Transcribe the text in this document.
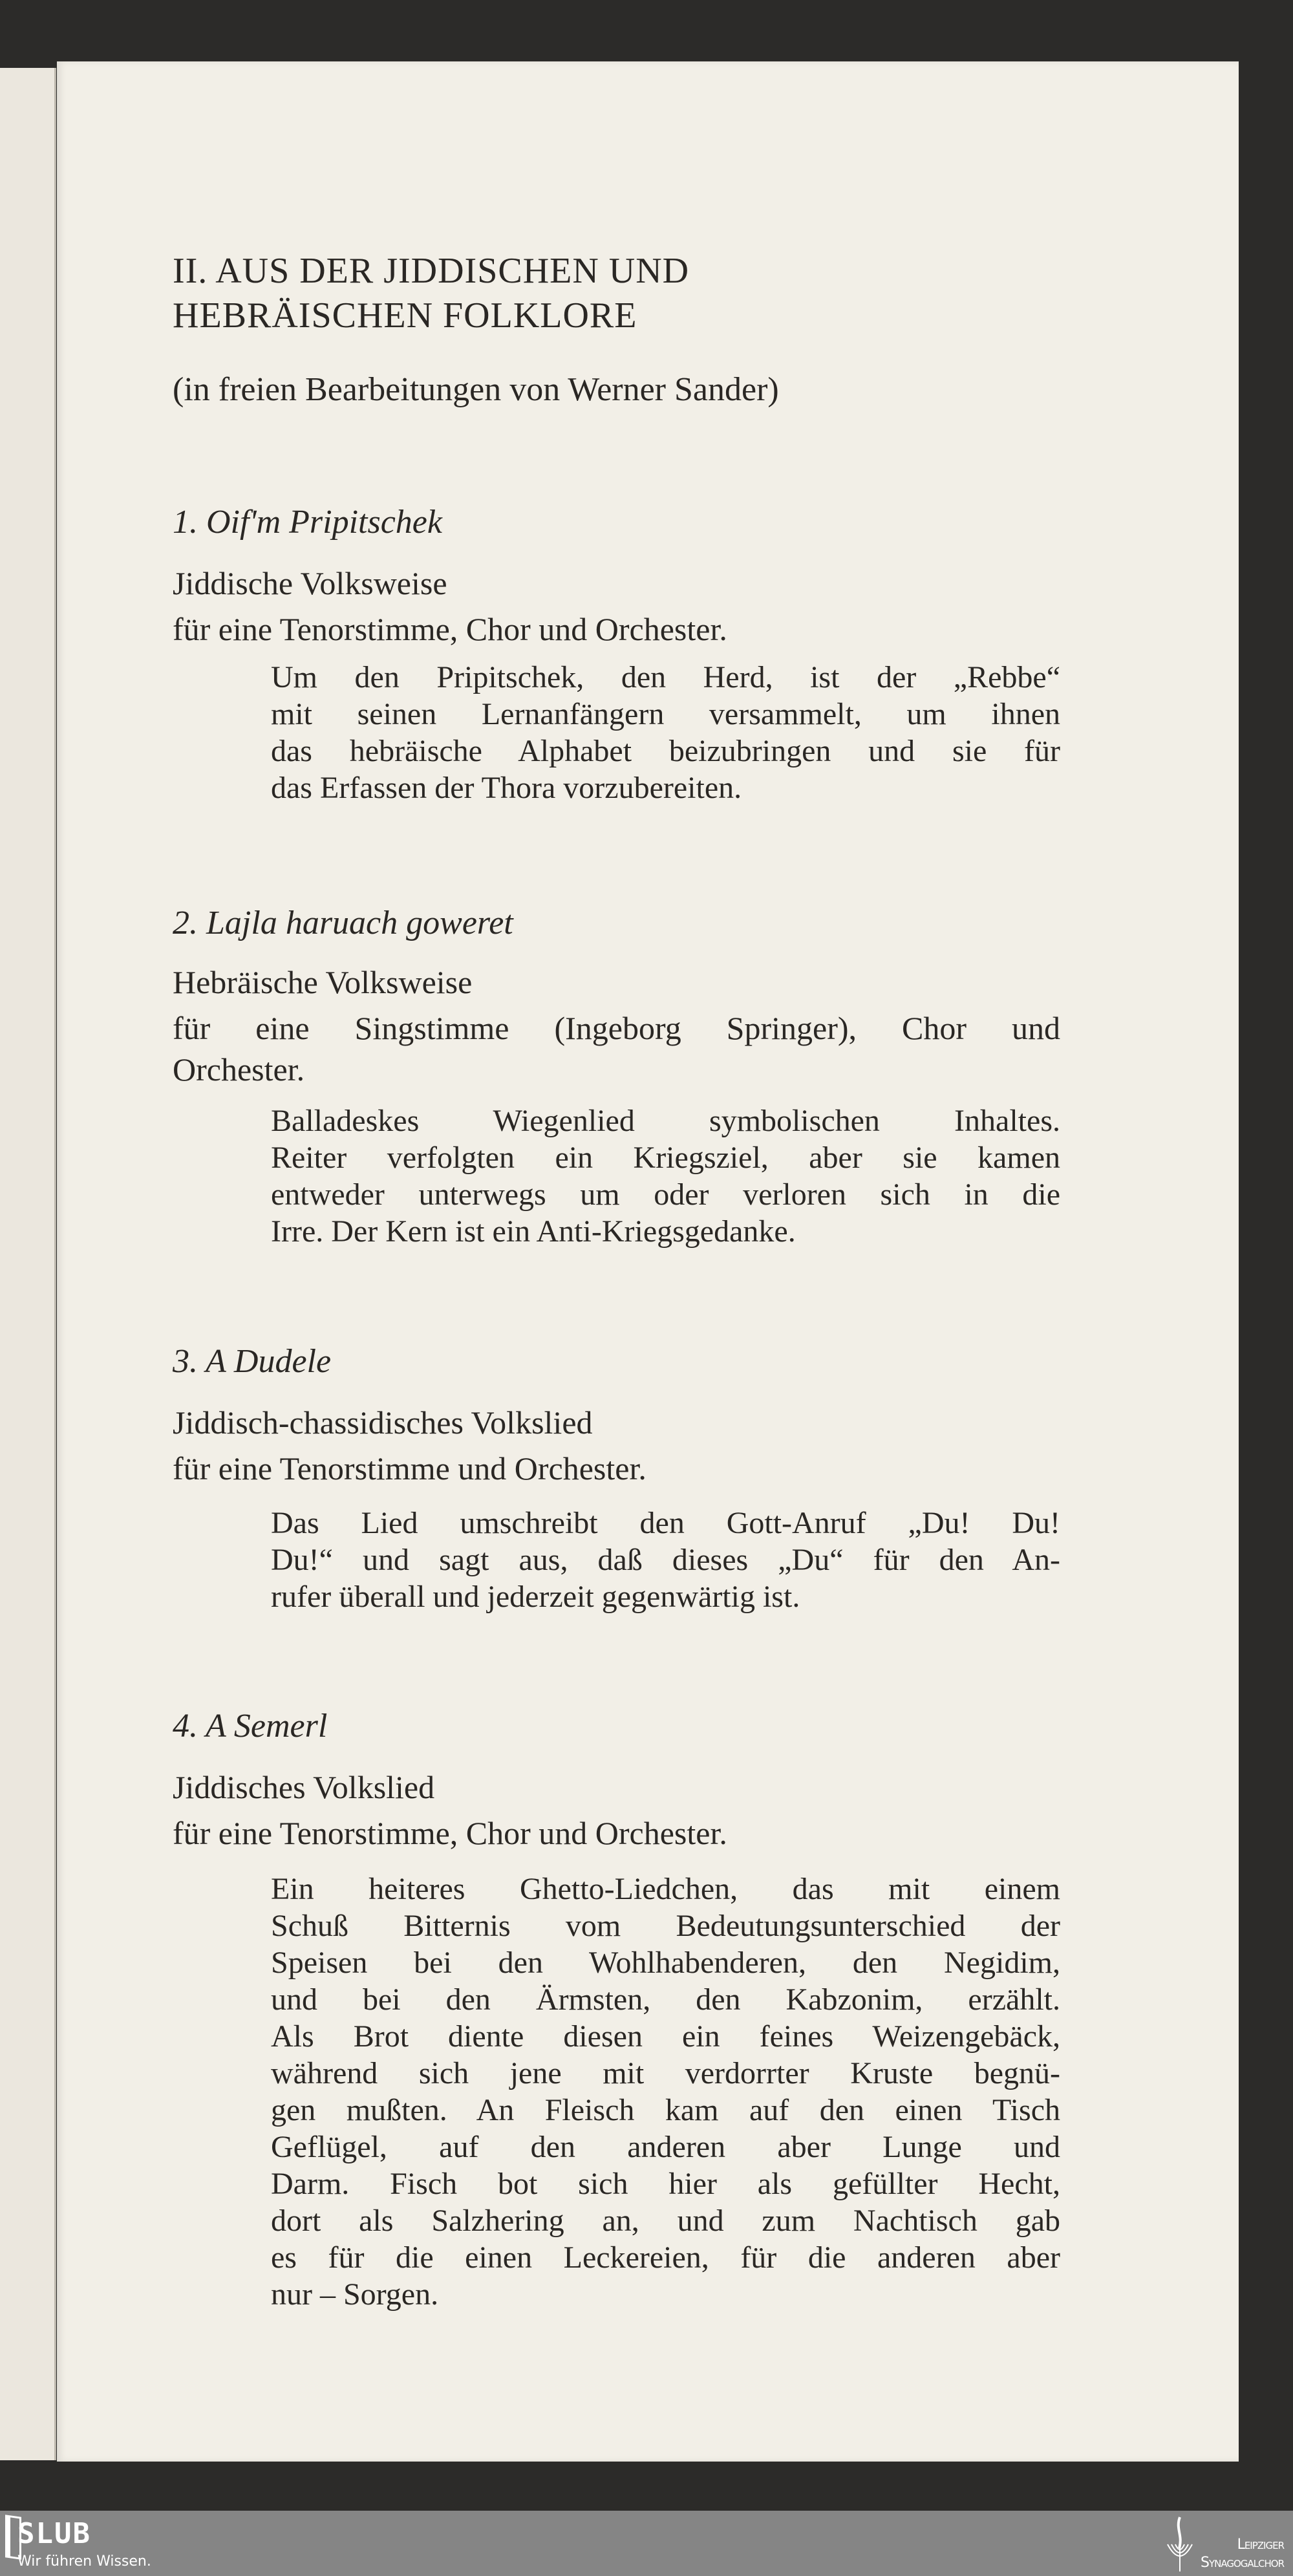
II. AUS DER JIDDISCHEN UND
HEBRÄISCHEN FOLKLORE
(in freien Bearbeitungen von Werner Sander)
1. Oif'm Pripitschek
Jiddische Volksweise
für eine Tenorstimme, Chor und Orchester.
Um den Pripitschek, den Herd, ist der „Rebbe“
mit seinen Lernanfängern versammelt, um ihnen
das hebräische Alphabet beizubringen und sie für
das Erfassen der Thora vorzubereiten.
2. Lajla haruach goweret
Hebräische Volksweise
für eine Singstimme (Ingeborg Springer), Chor und
Orchester.
Balladeskes Wiegenlied symbolischen Inhaltes.
Reiter verfolgten ein Kriegsziel, aber sie kamen
entweder unterwegs um oder verloren sich in die
Irre. Der Kern ist ein Anti-Kriegsgedanke.
3. A Dudele
Jiddisch-chassidisches Volkslied
für eine Tenorstimme und Orchester.
Das Lied umschreibt den Gott-Anruf „Du! Du!
Du!“ und sagt aus, daß dieses „Du“ für den An-
rufer überall und jederzeit gegenwärtig ist.
4. A Semerl
Jiddisches Volkslied
für eine Tenorstimme, Chor und Orchester.
Ein heiteres Ghetto-Liedchen, das mit einem
Schuß Bitternis vom Bedeutungsunterschied der
Speisen bei den Wohlhabenderen, den Negidim,
und bei den Ärmsten, den Kabzonim, erzählt.
Als Brot diente diesen ein feines Weizengebäck,
während sich jene mit verdorrter Kruste begnü-
gen mußten. An Fleisch kam auf den einen Tisch
Geflügel, auf den anderen aber Lunge und
Darm. Fisch bot sich hier als gefüllter Hecht,
dort als Salzhering an, und zum Nachtisch gab
es für die einen Leckereien, für die anderen aber
nur – Sorgen.
SLUB
Wir führen Wissen.
Leipziger
Synagogalchor
